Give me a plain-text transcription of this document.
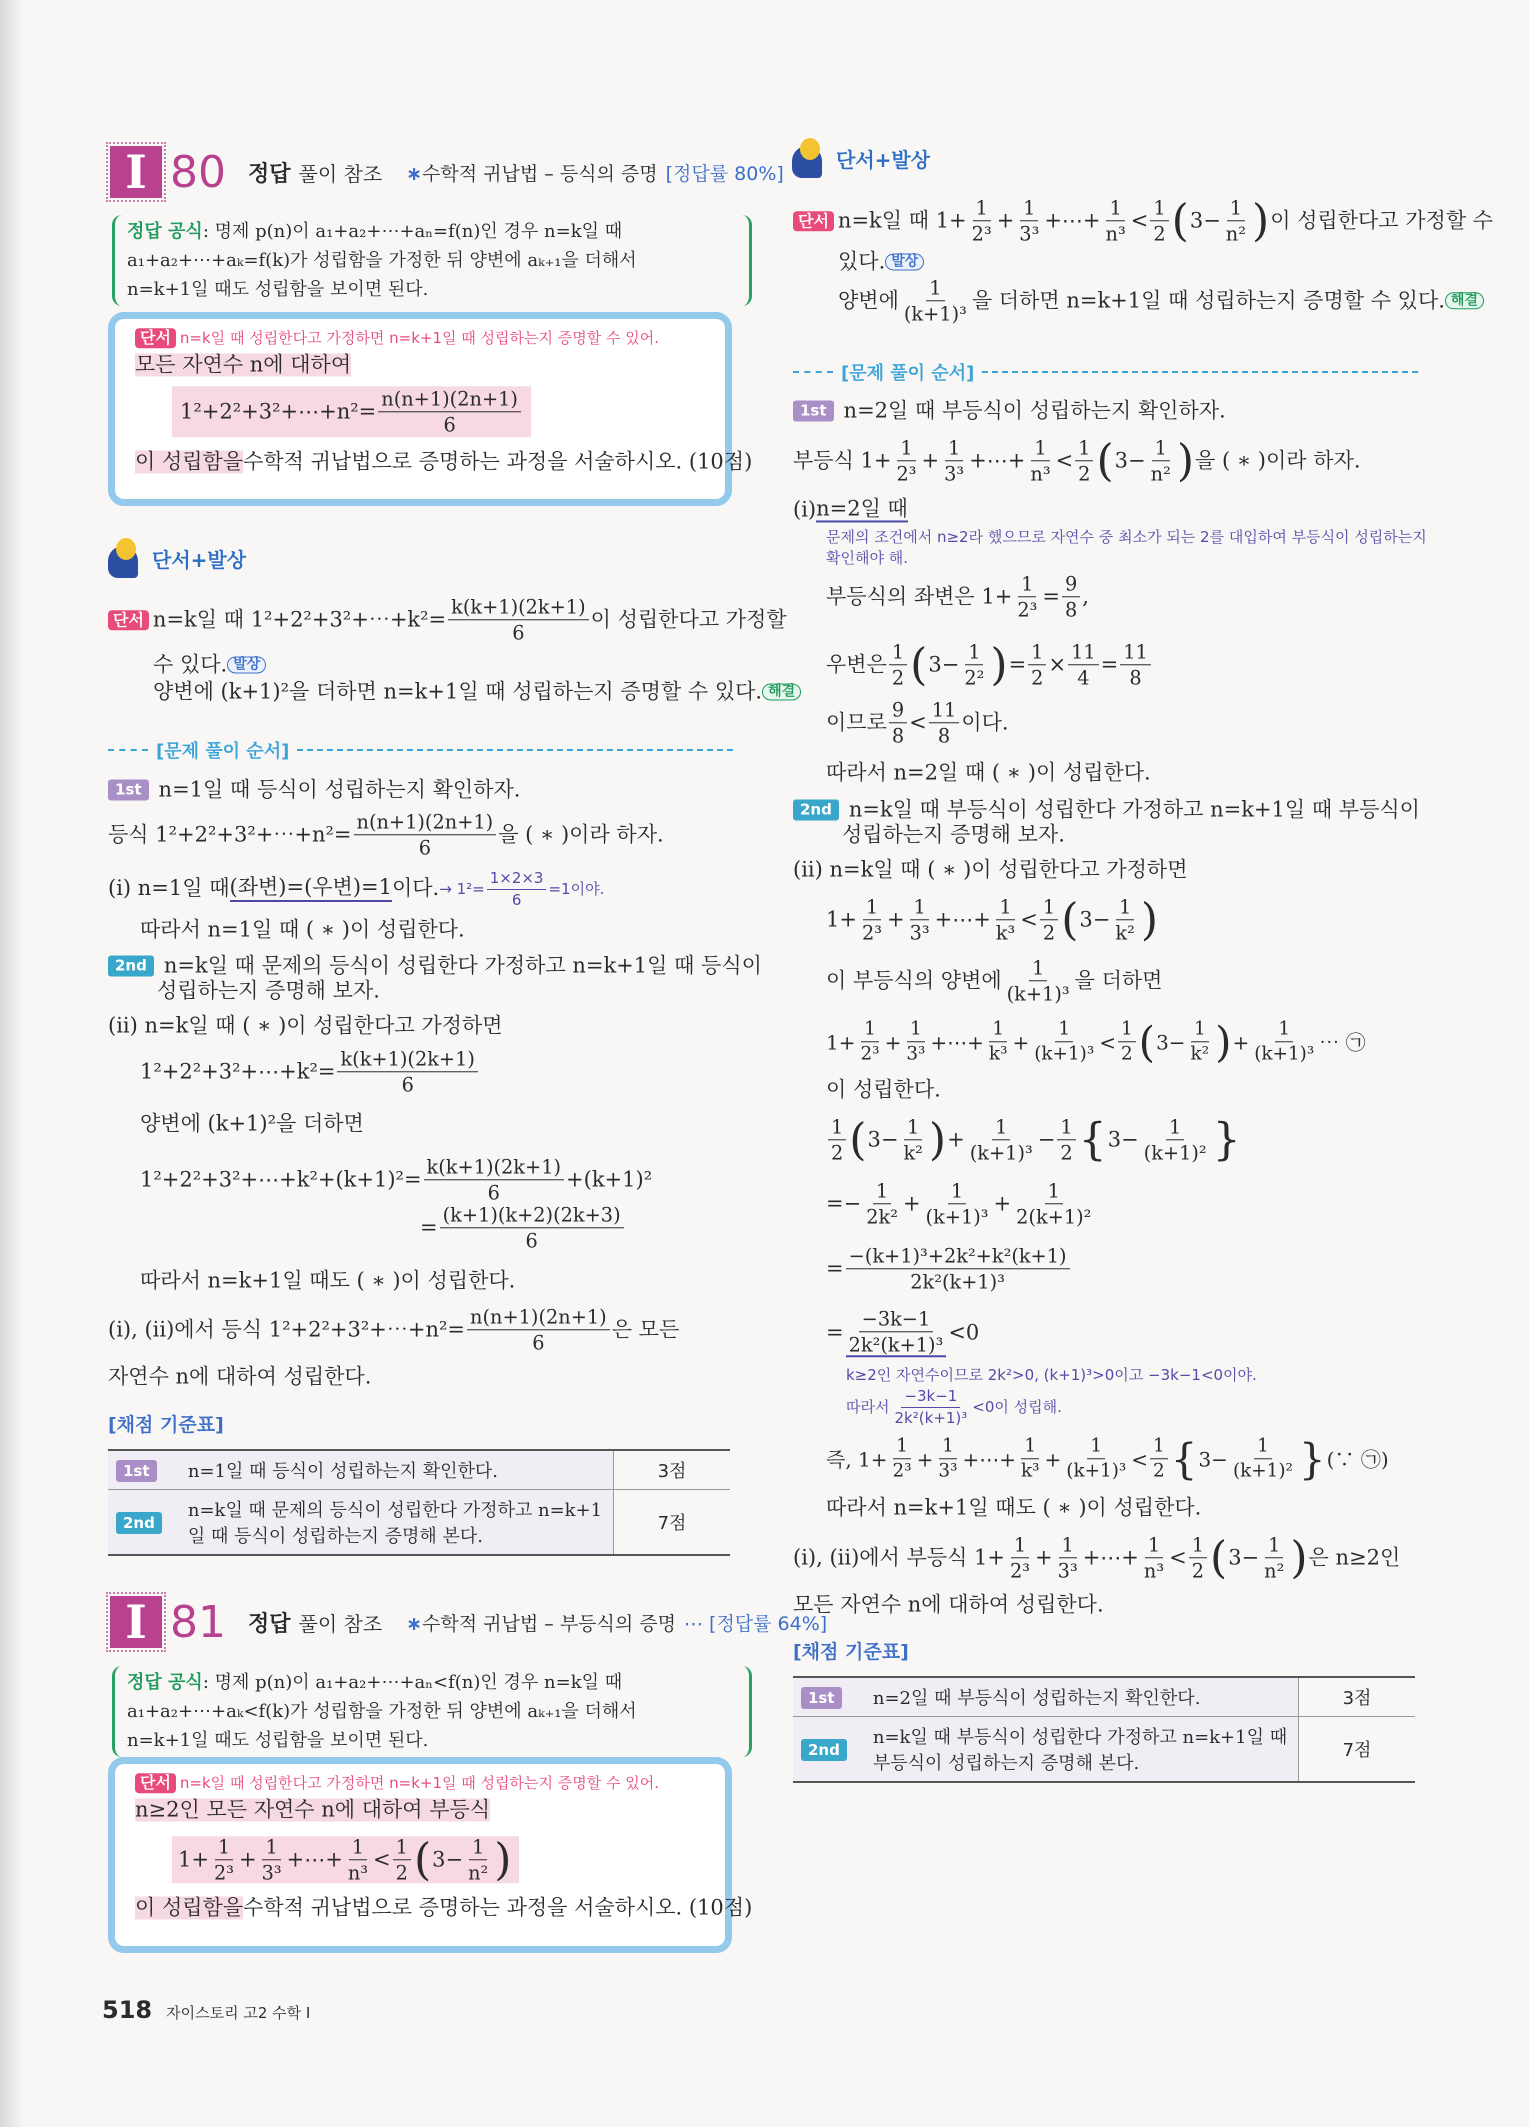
I 80 정답 풀이 참조 ∗수학적 귀납법 – 등식의 증명 [정답률 80%]
정답 공식: 명제 p(n)이 a₁+a₂+⋯+aₙ=f(n)인 경우 n=k일 때
a₁+a₂+⋯+aₖ=f(k)가 성립함을 가정한 뒤 양변에 aₖ₊₁을 더해서
n=k+1일 때도 성립함을 보이면 된다.
단서 n=k일 때 성립한다고 가정하면 n=k+1일 때 성립하는지 증명할 수 있어.
모든 자연수 n에 대하여
1²+2²+3²+⋯+n²= $\frac{n(n+1)(2n+1)}{6}$
이 성립함을 수학적 귀납법으로 증명하는 과정을 서술하시오. (10점)
단서+발상
단서 n=k일 때 1²+2²+3²+⋯+k²= $\frac{k(k+1)(2k+1)}{6}$ 이 성립한다고 가정할
수 있다. 발상
양변에 (k+1)²을 더하면 n=k+1일 때 성립하는지 증명할 수 있다. 해결
[문제 풀이 순서]
1st n=1일 때 등식이 성립하는지 확인하자.
등식 1²+2²+3²+⋯+n²= $\frac{n(n+1)(2n+1)}{6}$ 을 ( ∗ )이라 하자.
(i) n=1일 때 (좌변)=(우변)=1 이다. → $1^2= \frac{1\times 2\times 3}{6} =1$이야.
따라서 n=1일 때 ( ∗ )이 성립한다.
2nd n=k일 때 문제의 등식이 성립한다 가정하고 n=k+1일 때 등식이
성립하는지 증명해 보자.
(ii) n=k일 때 ( ∗ )이 성립한다고 가정하면
1²+2²+3²+⋯+k²= $\frac{k(k+1)(2k+1)}{6}$
양변에 (k+1)²을 더하면
1²+2²+3²+⋯+k²+(k+1)²= $\frac{k(k+1)(2k+1)}{6} +(k+1)^2$
= $\frac{(k+1)(k+2)(2k+3)}{6}$
따라서 n=k+1일 때도 ( ∗ )이 성립한다.
(i), (ii)에서 등식 1²+2²+3²+⋯+n²= $\frac{n(n+1)(2n+1)}{6}$ 은 모든
자연수 n에 대하여 성립한다.
[채점 기준표]
1st	n=1일 때 등식이 성립하는지 확인한다.	3점
2nd	n=k일 때 문제의 등식이 성립한다 가정하고 n=k+1 일 때 등식이 성립하는지 증명해 본다.	7점
I 81 정답 풀이 참조 ∗수학적 귀납법 – 부등식의 증명 ⋯ [정답률 64%]
정답 공식: 명제 p(n)이 a₁+a₂+⋯+aₙ<f(n)인 경우 n=k일 때
a₁+a₂+⋯+aₖ<f(k)가 성립함을 가정한 뒤 양변에 aₖ₊₁을 더해서
n=k+1일 때도 성립함을 보이면 된다.
단서 n=k일 때 성립한다고 가정하면 n=k+1일 때 성립하는지 증명할 수 있어.
n≥2인 모든 자연수 n에 대하여 부등식
$1+ \frac{1}{\text{2³}} + \frac{1}{\text{3³}}$ +⋯+ $\frac{1}{\text{n³}} < \frac{1}{2}$ ( $3- \frac{1}{\text{n²}}$ )
이 성립함을 수학적 귀납법으로 증명하는 과정을 서술하시오. (10점)
518 자이스토리 고2 수학 I
단서+발상
단서 n=k일 때 $1+ \frac{1}{\text{2³}} + \frac{1}{\text{3³}}$ +⋯+ $\frac{1}{\text{n³}} < \frac{1}{2}$ ( $3- \frac{1}{\text{n²}}$ ) 이 성립한다고 가정할 수
있다. 발상
양변에 $\frac{1}{\text{(k+1)³}}$ 을 더하면 n=k+1일 때 성립하는지 증명할 수 있다. 해결
[문제 풀이 순서]
1st n=2일 때 부등식이 성립하는지 확인하자.
부등식 $1+ \frac{1}{\text{2³}} + \frac{1}{\text{3³}}$ +⋯+ $\frac{1}{\text{n³}} < \frac{1}{2}$ ( $3- \frac{1}{\text{n²}}$ ) 을 ( ∗ )이라 하자.
(i) n=2일 때
문제의 조건에서 n≥2라 했으므로 자연수 중 최소가 되는 2를 대입하여 부등식이 성립하는지
확인해야 해.
부등식의 좌변은 $1+ \frac{1}{\text{2³}} = \frac{9}{8}$ ,
우변은 $\frac{1}{2}$ ( $3- \frac{1}{\text{2²}}$ ) = $\frac{1}{2} \times \frac{11}{4} = \frac{11}{8}$
이므로 $\frac{9}{8} < \frac{11}{8}$ 이다.
따라서 n=2일 때 ( ∗ )이 성립한다.
2nd n=k일 때 부등식이 성립한다 가정하고 n=k+1일 때 부등식이
성립하는지 증명해 보자.
(ii) n=k일 때 ( ∗ )이 성립한다고 가정하면
$1+ \frac{1}{\text{2³}} + \frac{1}{\text{3³}}$ +⋯+ $\frac{1}{\text{k³}} < \frac{1}{2}$ ( $3- \frac{1}{\text{k²}}$ )
이 부등식의 양변에 $\frac{1}{\text{(k+1)³}}$ 을 더하면
$1+ \frac{1}{\text{2³}} + \frac{1}{\text{3³}}$ +⋯+ $\frac{1}{\text{k³}} + \frac{1}{\text{(k+1)³}} < \frac{1}{2}$ ( $3- \frac{1}{\text{k²}}$ ) + $\frac{1}{\text{(k+1)³}}$ ⋯ ㉠
이 성립한다.
$\frac{1}{2}$ ( $3- \frac{1}{\text{k²}}$ ) + $\frac{1}{\text{(k+1)³}} - \frac{1}{2}$ { $3- \frac{1}{\text{(k+1)²}}$ }
=− $\frac{1}{\text{2k²}} + \frac{1}{\text{(k+1)³}} + \frac{1}{\text{2(k+1)²}}$
= $\frac{\text{−(k+1)³+2k²+k²(k+1)}}{\text{2k²(k+1)³}}$
= $\frac{-3k-1}{\text{2k²(k+1)³}} <0$
k≥2인 자연수이므로 2k²>0, (k+1)³>0이고 −3k−1<0이야.
따라서 $\frac{-3k-1}{\text{2k²(k+1)³}} <0$이 성립해.
즉, $1+ \frac{1}{\text{2³}} + \frac{1}{\text{3³}}$ +⋯+ $\frac{1}{\text{k³}} + \frac{1}{\text{(k+1)³}} < \frac{1}{2}$ { $3- \frac{1}{\text{(k+1)²}}$ } (∵ ㉠)
따라서 n=k+1일 때도 ( ∗ )이 성립한다.
(i), (ii)에서 부등식 $1+ \frac{1}{\text{2³}} + \frac{1}{\text{3³}}$ +⋯+ $\frac{1}{\text{n³}} < \frac{1}{2}$ ( $3- \frac{1}{\text{n²}}$ ) 은 n≥2인
모든 자연수 n에 대하여 성립한다.
[채점 기준표]
1st	n=2일 때 부등식이 성립하는지 확인한다.	3점
2nd	n=k일 때 부등식이 성립한다 가정하고 n=k+1일 때 부등식이 성립하는지 증명해 본다.	7점
